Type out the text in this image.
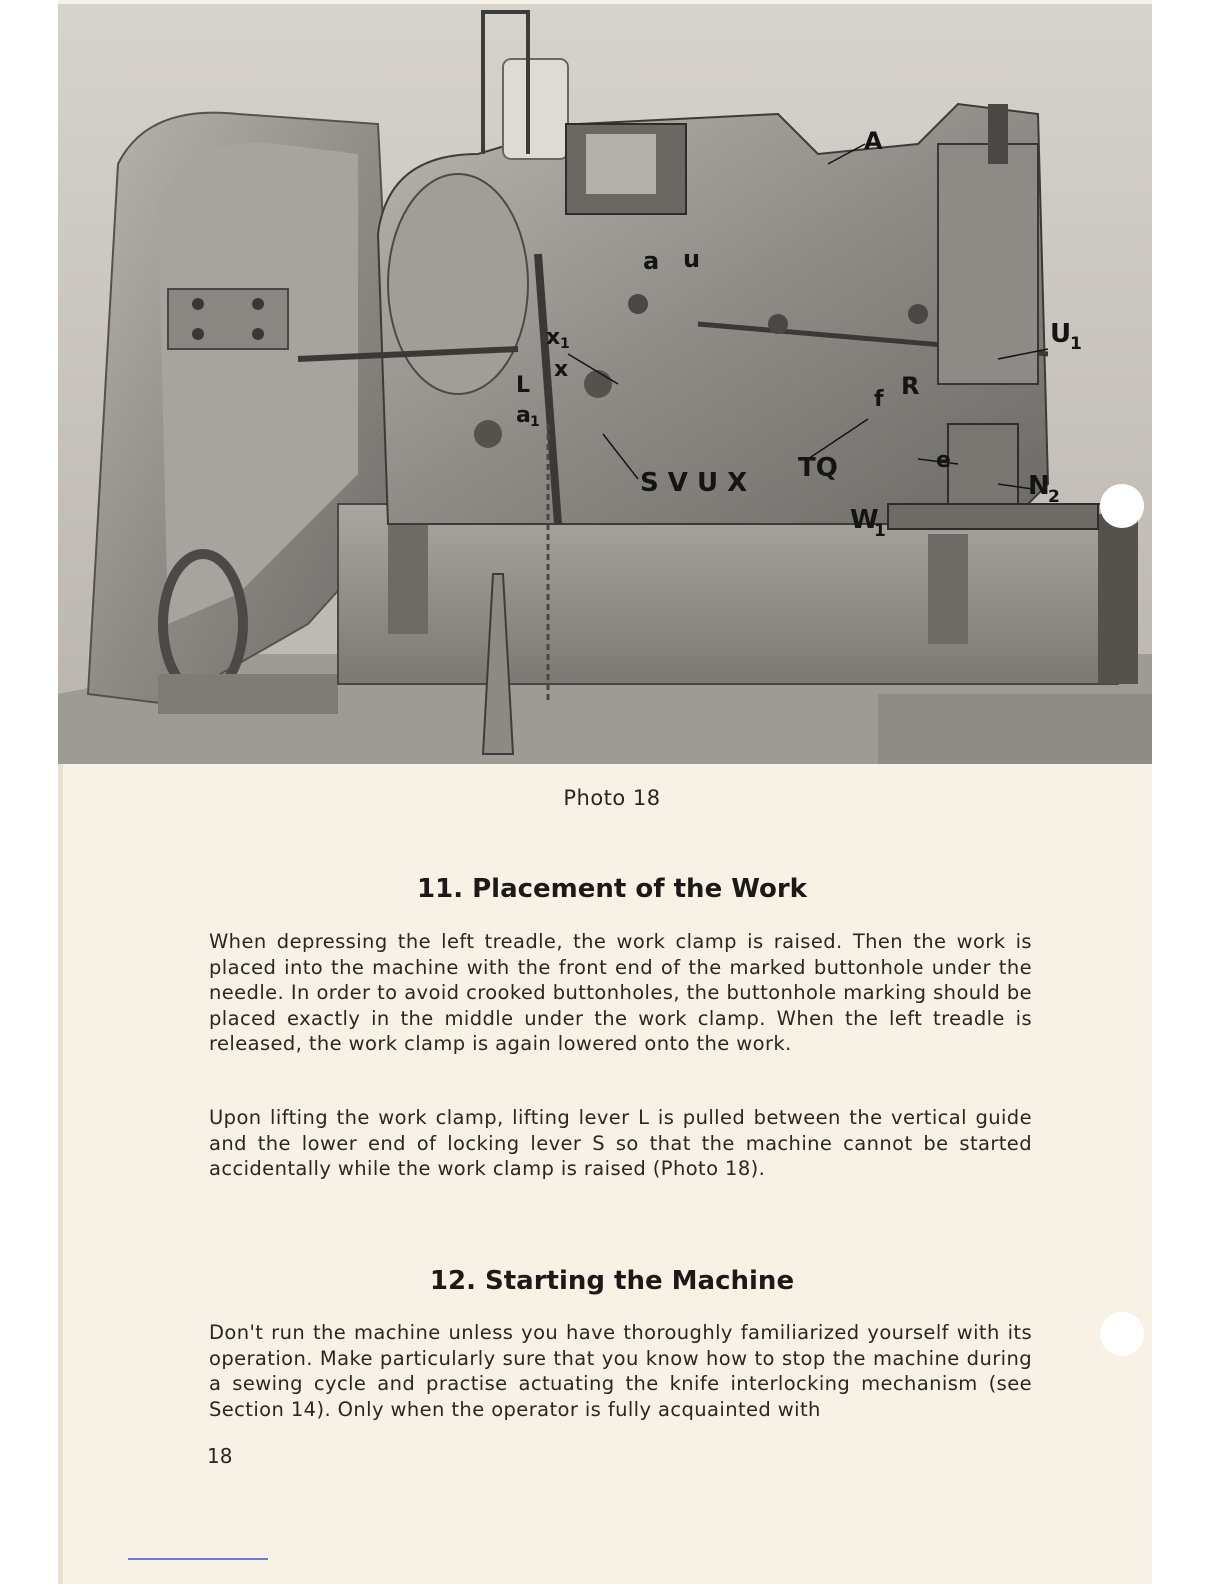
A
a u
U
1
x 1
x
L
a 1
f R
e
N
2
TQ
W
1
S V U X
Photo 18
11. Placement of the Work
When depressing the left treadle, the work clamp is raised. Then the work is placed into the machine with the front end of the marked buttonhole under the needle. In order to avoid crooked buttonholes, the buttonhole marking should be placed exactly in the middle under the work clamp. When the left treadle is released, the work clamp is again lowered onto the work.
Upon lifting the work clamp, lifting lever L is pulled between the vertical guide and the lower end of locking lever S so that the machine cannot be started accidentally while the work clamp is raised (Photo 18).
12. Starting the Machine
Don't run the machine unless you have thoroughly familiarized yourself with its operation. Make particularly sure that you know how to stop the machine during a sewing cycle and practise actuating the knife interlocking mechanism (see Section 14). Only when the operator is fully acquainted with
18
